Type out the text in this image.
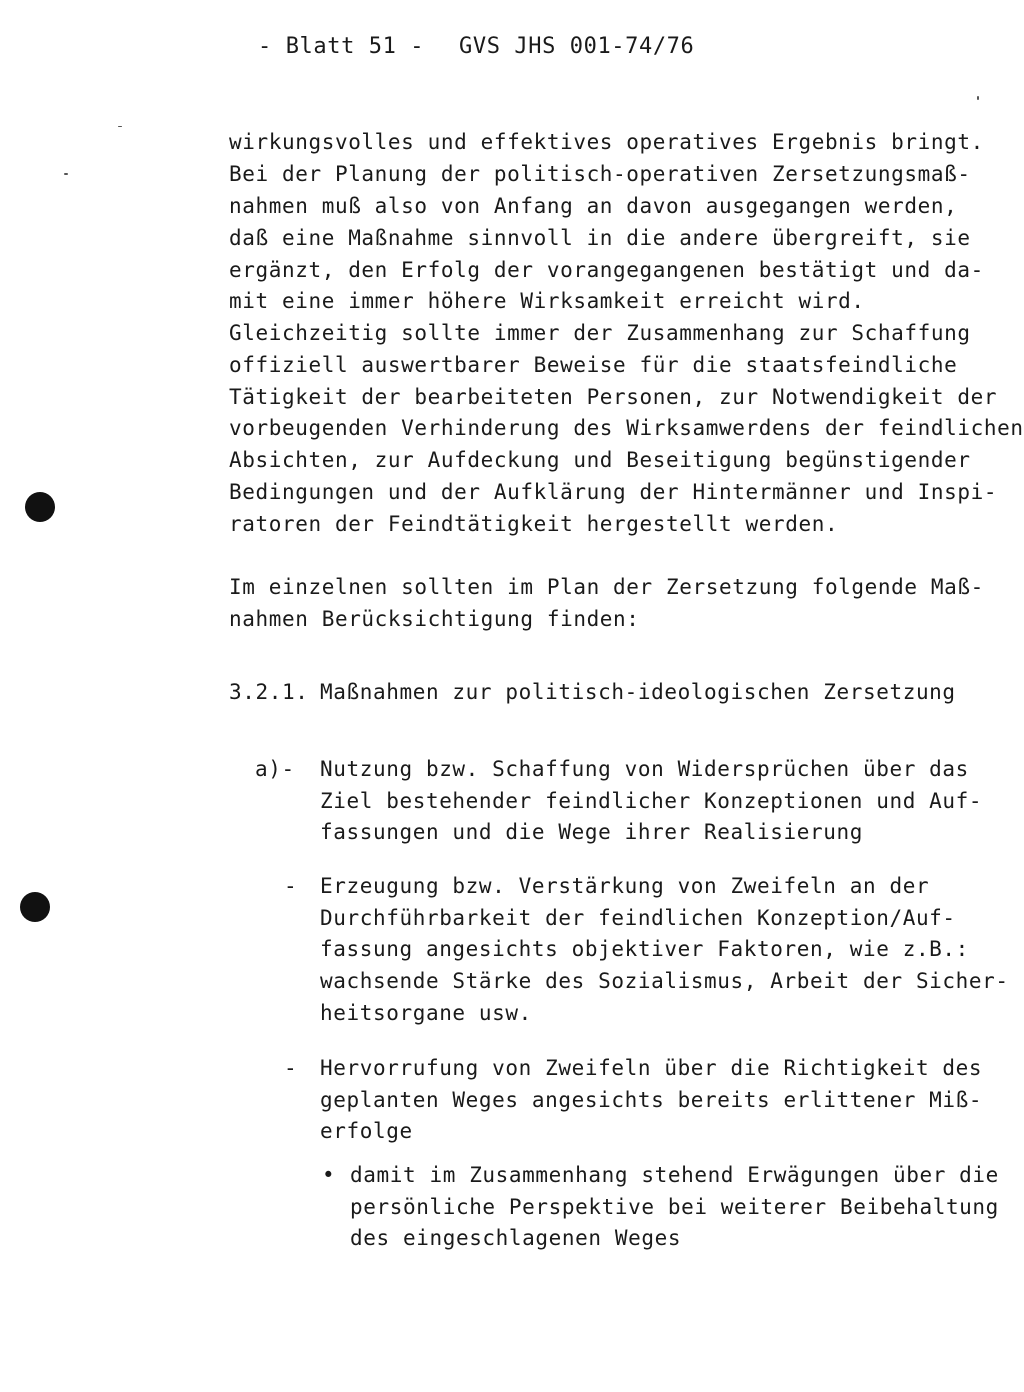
- Blatt 51 -

GVS JHS 001-74/76

wirkungsvolles und effektives operatives Ergebnis bringt.

Bei der Planung der politisch-operativen Zersetzungsmaß-

nahmen muß also von Anfang an davon ausgegangen werden,

daß eine Maßnahme sinnvoll in die andere übergreift, sie

ergänzt, den Erfolg der vorangegangenen bestätigt und da-

mit eine immer höhere Wirksamkeit erreicht wird.

Gleichzeitig sollte immer der Zusammenhang zur Schaffung

offiziell auswertbarer Beweise für die staatsfeindliche

Tätigkeit der bearbeiteten Personen, zur Notwendigkeit der

vorbeugenden Verhinderung des Wirksamwerdens der feindlichen

Absichten, zur Aufdeckung und Beseitigung begünstigender

Bedingungen und der Aufklärung der Hintermänner und Inspi-

ratoren der Feindtätigkeit hergestellt werden.

Im einzelnen sollten im Plan der Zersetzung folgende Maß-

nahmen Berücksichtigung finden:

3.2.1. Maßnahmen zur politisch-ideologischen Zersetzung

a)- Nutzung bzw. Schaffung von Widersprüchen über das

Ziel bestehender feindlicher Konzeptionen und Auf-

fassungen und die Wege ihrer Realisierung

- Erzeugung bzw. Verstärkung von Zweifeln an der

Durchführbarkeit der feindlichen Konzeption/Auf-

fassung angesichts objektiver Faktoren, wie z.B.:

wachsende Stärke des Sozialismus, Arbeit der Sicher-

heitsorgane usw.

- Hervorrufung von Zweifeln über die Richtigkeit des

geplanten Weges angesichts bereits erlittener Miß-

erfolge

• damit im Zusammenhang stehend Erwägungen über die

persönliche Perspektive bei weiterer Beibehaltung

des eingeschlagenen Weges
